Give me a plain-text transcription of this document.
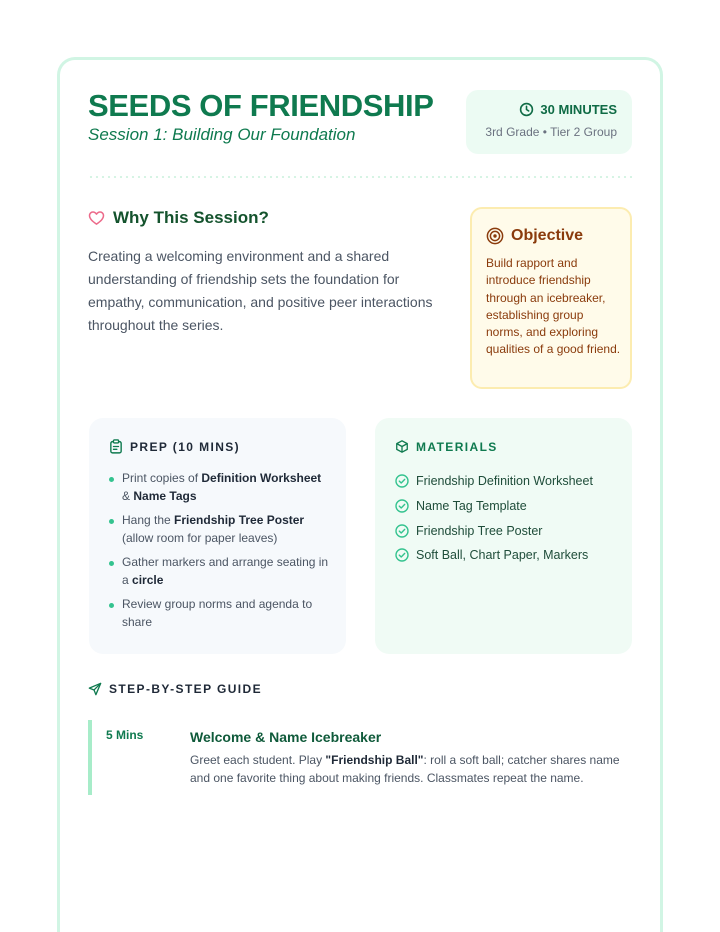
SEEDS OF FRIENDSHIP
Session 1: Building Our Foundation
30 MINUTES
3rd Grade • Tier 2 Group
Why This Session?

Creating a welcoming environment and a shared understanding of friendship sets the foundation for empathy, communication, and positive peer interactions throughout the series.

Objective

Build rapport and introduce friendship through an icebreaker, establishing group norms, and exploring qualities of a good friend.

PREP (10 MINS)
Print copies of Definition Worksheet & Name Tags
Hang the Friendship Tree Poster (allow room for paper leaves)
Gather markers and arrange seating in a circle
Review group norms and agenda to share
MATERIALS
Friendship Definition Worksheet
Name Tag Template
Friendship Tree Poster
Soft Ball, Chart Paper, Markers
STEP-BY-STEP GUIDE
5 Mins	Welcome & Name Icebreaker

Greet each student. Play "Friendship Ball": roll a soft ball; catcher shares name and one favorite thing about making friends. Classmates repeat the name.
